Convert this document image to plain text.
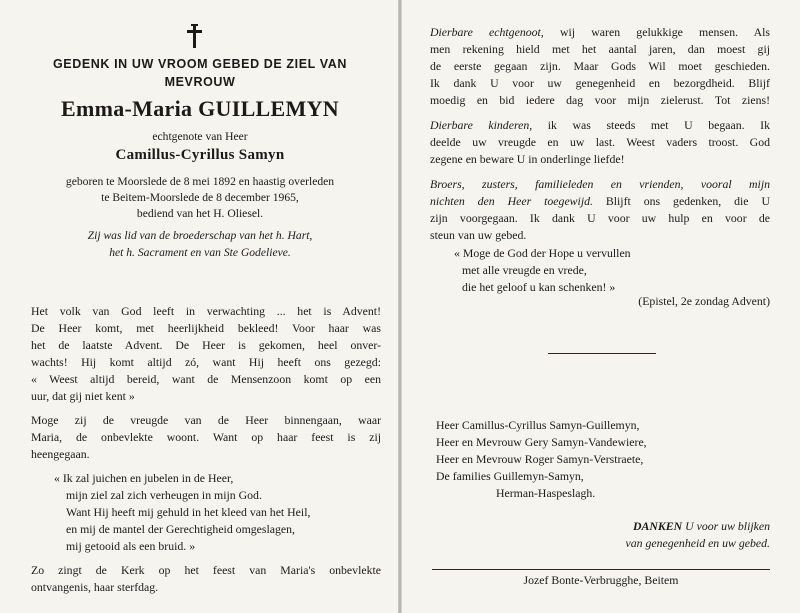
GEDENK IN UW VROOM GEBED DE ZIEL VAN
MEVROUW
Emma-Maria GUILLEMYN
echtgenote van Heer
Camillus-Cyrillus Samyn
geboren te Moorslede de 8 mei 1892 en haastig overleden
te Beitem-Moorslede de 8 december 1965,
bediend van het H. Oliesel.
Zij was lid van de broederschap van het h. Hart,
het h. Sacrament en van Ste Godelieve.
Het volk van God leeft in verwachting ... het is Advent!
De Heer komt, met heerlijkheid bekleed! Voor haar was
het de laatste Advent. De Heer is gekomen, heel onver-
wachts! Hij komt altijd zó, want Hij heeft ons gezegd:
« Weest altijd bereid, want de Mensenzoon komt op een
uur, dat gij niet kent »
Moge zij de vreugde van de Heer binnengaan, waar
Maria, de onbevlekte woont. Want op haar feest is zij
heengegaan.
« Ik zal juichen en jubelen in de Heer,
mijn ziel zal zich verheugen in mijn God.
Want Hij heeft mij gehuld in het kleed van het Heil,
en mij de mantel der Gerechtigheid omgeslagen,
mij getooid als een bruid. »
Zo zingt de Kerk op het feest van Maria's onbevlekte
ontvangenis, haar sterfdag.
Dierbare echtgenoot, wij waren gelukkige mensen. Als
men rekening hield met het aantal jaren, dan moest gij
de eerste gegaan zijn. Maar Gods Wil moet geschieden.
Ik dank U voor uw genegenheid en bezorgdheid. Blijf
moedig en bid iedere dag voor mijn zielerust. Tot ziens!
Dierbare kinderen, ik was steeds met U begaan. Ik
deelde uw vreugde en uw last. Weest vaders troost. God
zegene en beware U in onderlinge liefde!
Broers, zusters, familieleden en vrienden, vooral mijn
nichten den Heer toegewijd. Blijft ons gedenken, die U
zijn voorgegaan. Ik dank U voor uw hulp en voor de
steun van uw gebed.
« Moge de God der Hope u vervullen
met alle vreugde en vrede,
die het geloof u kan schenken! »
(Epistel, 2e zondag Advent)
Heer Camillus-Cyrillus Samyn-Guillemyn,
Heer en Mevrouw Gery Samyn-Vandewiere,
Heer en Mevrouw Roger Samyn-Verstraete,
De families Guillemyn-Samyn,
Herman-Haspeslagh.
DANKEN U voor uw blijken
van genegenheid en uw gebed.
Jozef Bonte-Verbrugghe, Beitem
